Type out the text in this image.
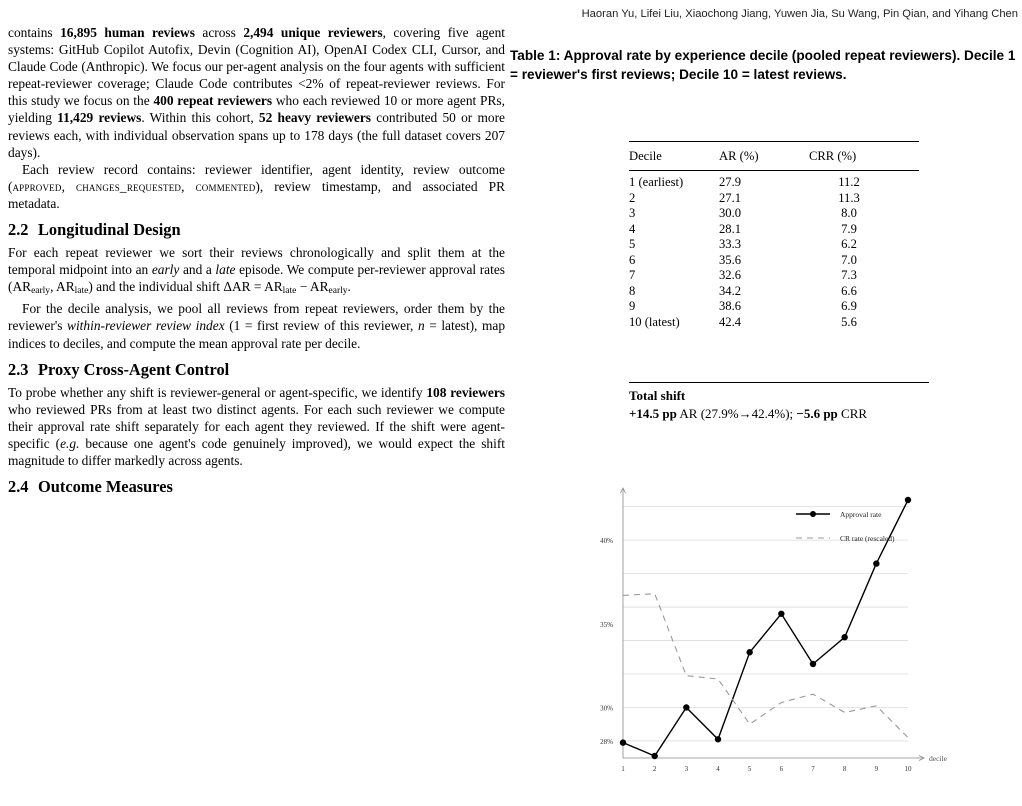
Haoran Yu, Lifei Liu, Xiaochong Jiang, Yuwen Jia, Su Wang, Pin Qian, and Yihang Chen

contains 16,895 human reviews across 2,494 unique reviewers, covering five agent systems: GitHub Copilot Autofix, Devin (Cognition AI), OpenAI Codex CLI, Cursor, and Claude Code (Anthropic). We focus our per-agent analysis on the four agents with sufficient repeat-reviewer coverage; Claude Code contributes <2% of repeat-reviewer reviews. For this study we focus on the 400 repeat reviewers who each reviewed 10 or more agent PRs, yielding 11,429 reviews. Within this cohort, 52 heavy reviewers contributed 50 or more reviews each, with individual observation spans up to 178 days (the full dataset covers 207 days).

Each review record contains: reviewer identifier, agent identity, review outcome (approved, changes_requested, commented), review timestamp, and associated PR metadata.

2.2 Longitudinal Design

For each repeat reviewer we sort their reviews chronologically and split them at the temporal midpoint into an early and a late episode. We compute per-reviewer approval rates ($AR_{early}$, $AR_{late}$) and the individual shift $\Delta AR = AR_{late} - AR_{early}$.

For the decile analysis, we pool all reviews from repeat reviewers, order them by the reviewer's within-reviewer review index (1 = first review of this reviewer, n = latest), map indices to deciles, and compute the mean approval rate per decile.

2.3 Proxy Cross-Agent Control

To probe whether any shift is reviewer-general or agent-specific, we identify 108 reviewers who reviewed PRs from at least two distinct agents. For each such reviewer we compute their approval rate shift separately for each agent they reviewed. If the shift were agent-specific (e.g. because one agent's code genuinely improved), we would expect the shift magnitude to differ markedly across agents.

2.4 Outcome Measures
Table 1: Approval rate by experience decile (pooled repeat reviewers). Decile 1 = reviewer's first reviews; Decile 10 = latest reviews.
Decile	AR (%)	CRR (%)
1 (earliest)	27.9	11.2
2	27.1	11.3
3	30.0	8.0
4	28.1	7.9
5	33.3	6.2
6	35.6	7.0
7	32.6	7.3
8	34.2	6.6
9	38.6	6.9
10 (latest)	42.4	5.6
Total shift
+14.5 pp AR (27.9%→42.4%); −5.6 pp CRR
28%
30%
35%
40%
1	2	3	4	5	6	7	8	9	10
decile
Approval rate
CR rate (rescaled)
